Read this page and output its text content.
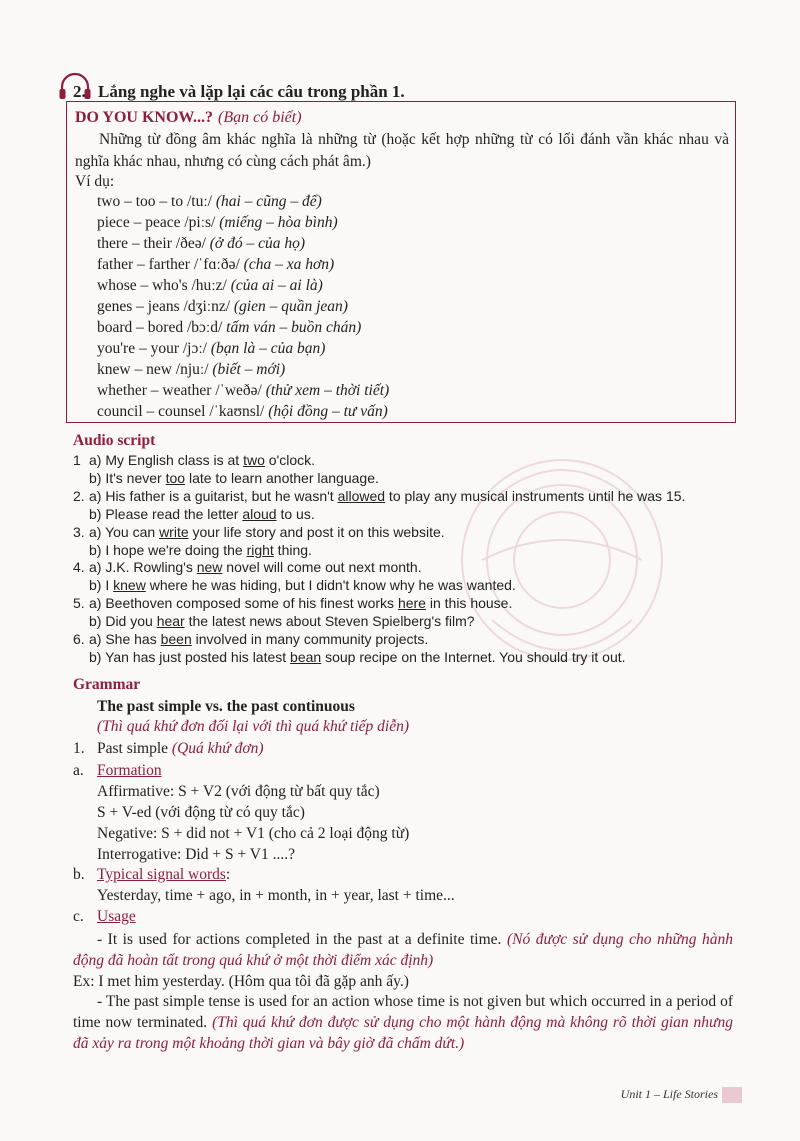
2. Lắng nghe và lặp lại các câu trong phần 1.
DO YOU KNOW...? (Bạn có biết)
Những từ đồng âm khác nghĩa là những từ (hoặc kết hợp những từ có lối đánh vần khác nhau và nghĩa khác nhau, nhưng có cùng cách phát âm.)
Ví dụ:
two – too – to /tuː/ (hai – cũng – để)
piece – peace /piːs/ (miếng – hòa bình)
there – their /ðeə/ (ở đó – của họ)
father – farther /ˈfɑːðə/ (cha – xa hơn)
whose – who's /huːz/ (của ai – ai là)
genes – jeans /dʒiːnz/ (gien – quần jean)
board – bored /bɔːd/ tấm ván – buồn chán)
you're – your /jɔː/ (bạn là – của bạn)
knew – new /njuː/ (biết – mới)
whether – weather /ˈweðə/ (thử xem – thời tiết)
council – counsel /ˈkaʊnsl/ (hội đồng – tư vấn)
Audio script
1 a) My English class is at two o'clock.
b) It's never too late to learn another language.
2. a) His father is a guitarist, but he wasn't allowed to play any musical instruments until he was 15.
b) Please read the letter aloud to us.
3. a) You can write your life story and post it on this website.
b) I hope we're doing the right thing.
4. a) J.K. Rowling's new novel will come out next month.
b) I knew where he was hiding, but I didn't know why he was wanted.
5. a) Beethoven composed some of his finest works here in this house.
b) Did you hear the latest news about Steven Spielberg's film?
6. a) She has been involved in many community projects.
b) Yan has just posted his latest bean soup recipe on the Internet. You should try it out.
Grammar
The past simple vs. the past continuous
(Thì quá khứ đơn đối lại với thì quá khứ tiếp diễn)
1. Past simple (Quá khứ đơn)
a. Formation
Affirmative: S + V2 (với động từ bất quy tắc)
S + V-ed (với động từ có quy tắc)
Negative: S + did not + V1 (cho cả 2 loại động từ)
Interrogative: Did + S + V1 ....?
b. Typical signal words:
Yesterday, time + ago, in + month, in + year, last + time...
c. Usage
- It is used for actions completed in the past at a definite time. (Nó được sử dụng cho những hành động đã hoàn tất trong quá khứ ở một thời điểm xác định)
Ex: I met him yesterday. (Hôm qua tôi đã gặp anh ấy.)
- The past simple tense is used for an action whose time is not given but which occurred in a period of time now terminated. (Thì quá khứ đơn được sử dụng cho một hành động mà không rõ thời gian nhưng đã xảy ra trong một khoảng thời gian và bây giờ đã chấm dứt.)
Unit 1 – Life Stories
